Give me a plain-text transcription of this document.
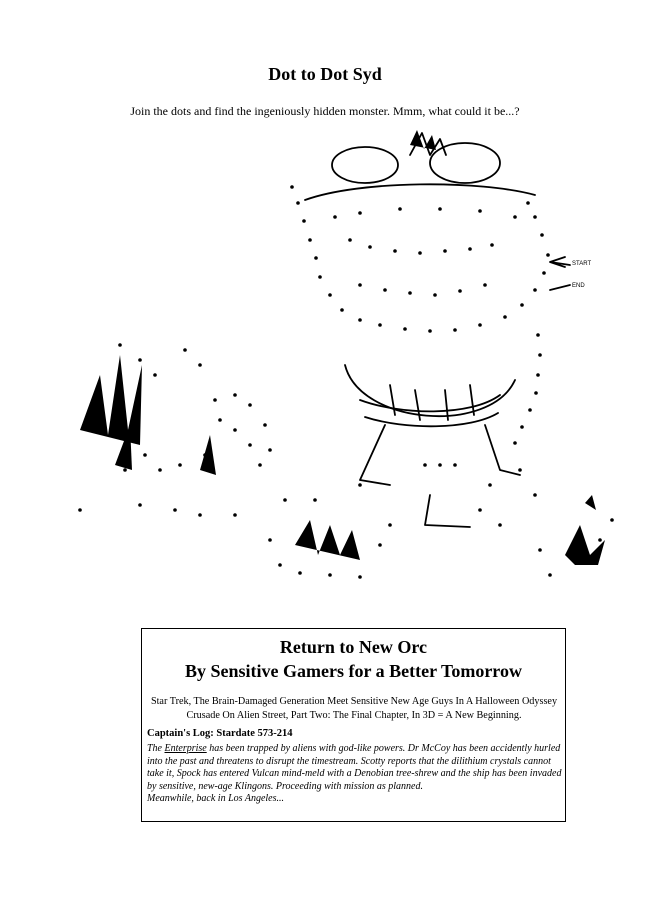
Dot to Dot Syd
Join the dots and find the ingeniously hidden monster. Mmm, what could it be...?
START
END
Return to New Orc
By Sensitive Gamers for a Better Tomorrow
Star Trek, The Brain-Damaged Generation Meet Sensitive New Age Guys In A Halloween Odyssey Crusade On Alien Street, Part Two: The Final Chapter, In 3D = A New Beginning.
Captain's Log: Stardate 573-214
The Enterprise has been trapped by aliens with god-like powers. Dr McCoy has been accidently hurled into the past and threatens to disrupt the timestream. Scotty reports that the dilithium crystals cannot take it, Spock has entered Vulcan mind-meld with a Denobian tree-shrew and the ship has been invaded by sensitive, new-age Klingons. Proceeding with mission as planned.
Meanwhile, back in Los Angeles...
